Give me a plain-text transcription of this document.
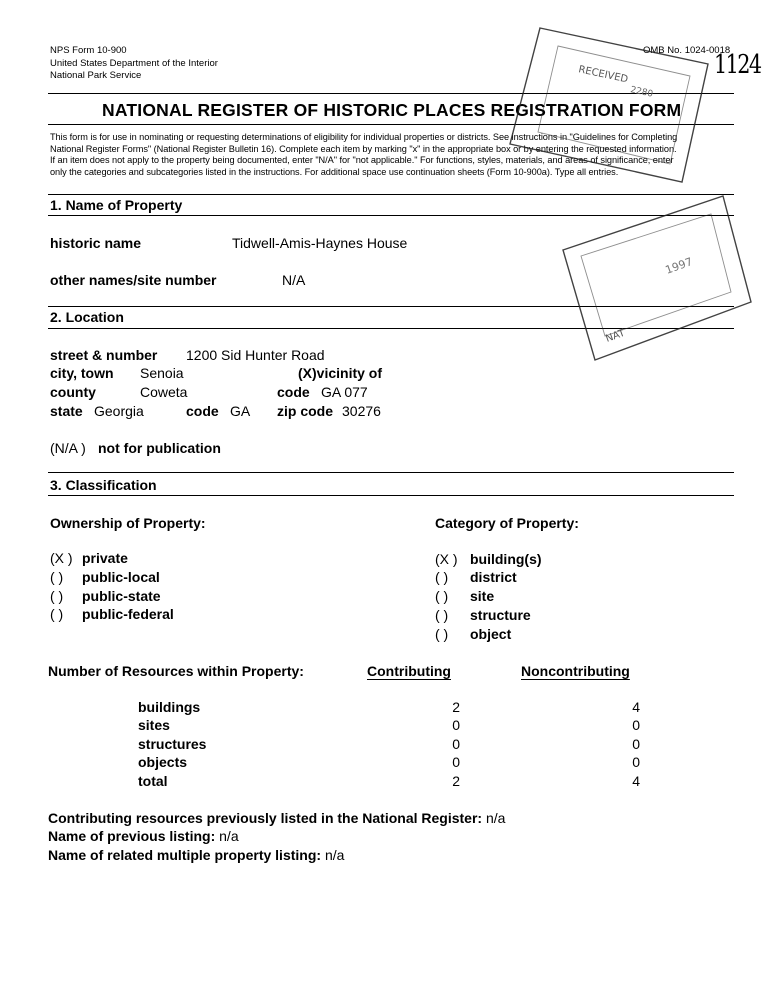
NPS Form 10-900
United States Department of the Interior
National Park Service
OMB No. 1024-0018
1124
NATIONAL REGISTER OF HISTORIC PLACES REGISTRATION FORM
This form is for use in nominating or requesting determinations of eligibility for individual properties or districts. See instructions in "Guidelines for Completing
National Register Forms" (National Register Bulletin 16). Complete each item by marking "x" in the appropriate box or by entering the requested information.
If an item does not apply to the property being documented, enter "N/A" for "not applicable." For functions, styles, materials, and areas of significance, enter
only the categories and subcategories listed in the instructions. For additional space use continuation sheets (Form 10-900a). Type all entries.
1. Name of Property
historic name	Tidwell-Amis-Haynes House
other names/site number	N/A
2. Location
street & number 1200 Sid Hunter Road
city, town Senoia	(X)vicinity of
county	Coweta	code GA 077
state Georgia	code GA zip code 30276
(N/A ) not for publication
3. Classification
Ownership of Property:	Category of Property:
(X ) private
( ) public-local
( ) public-state
( ) public-federal
(X ) building(s)
( ) district
( ) site
( ) structure
( ) object
Number of Resources within Property:	Contributing	Noncontributing
buildings	2	4
sites	0	0
structures	0	0
objects	0	0
total	2	4
Contributing resources previously listed in the National Register: n/a
Name of previous listing: n/a
Name of related multiple property listing: n/a
RECEIVED
2280
NAT
1997
